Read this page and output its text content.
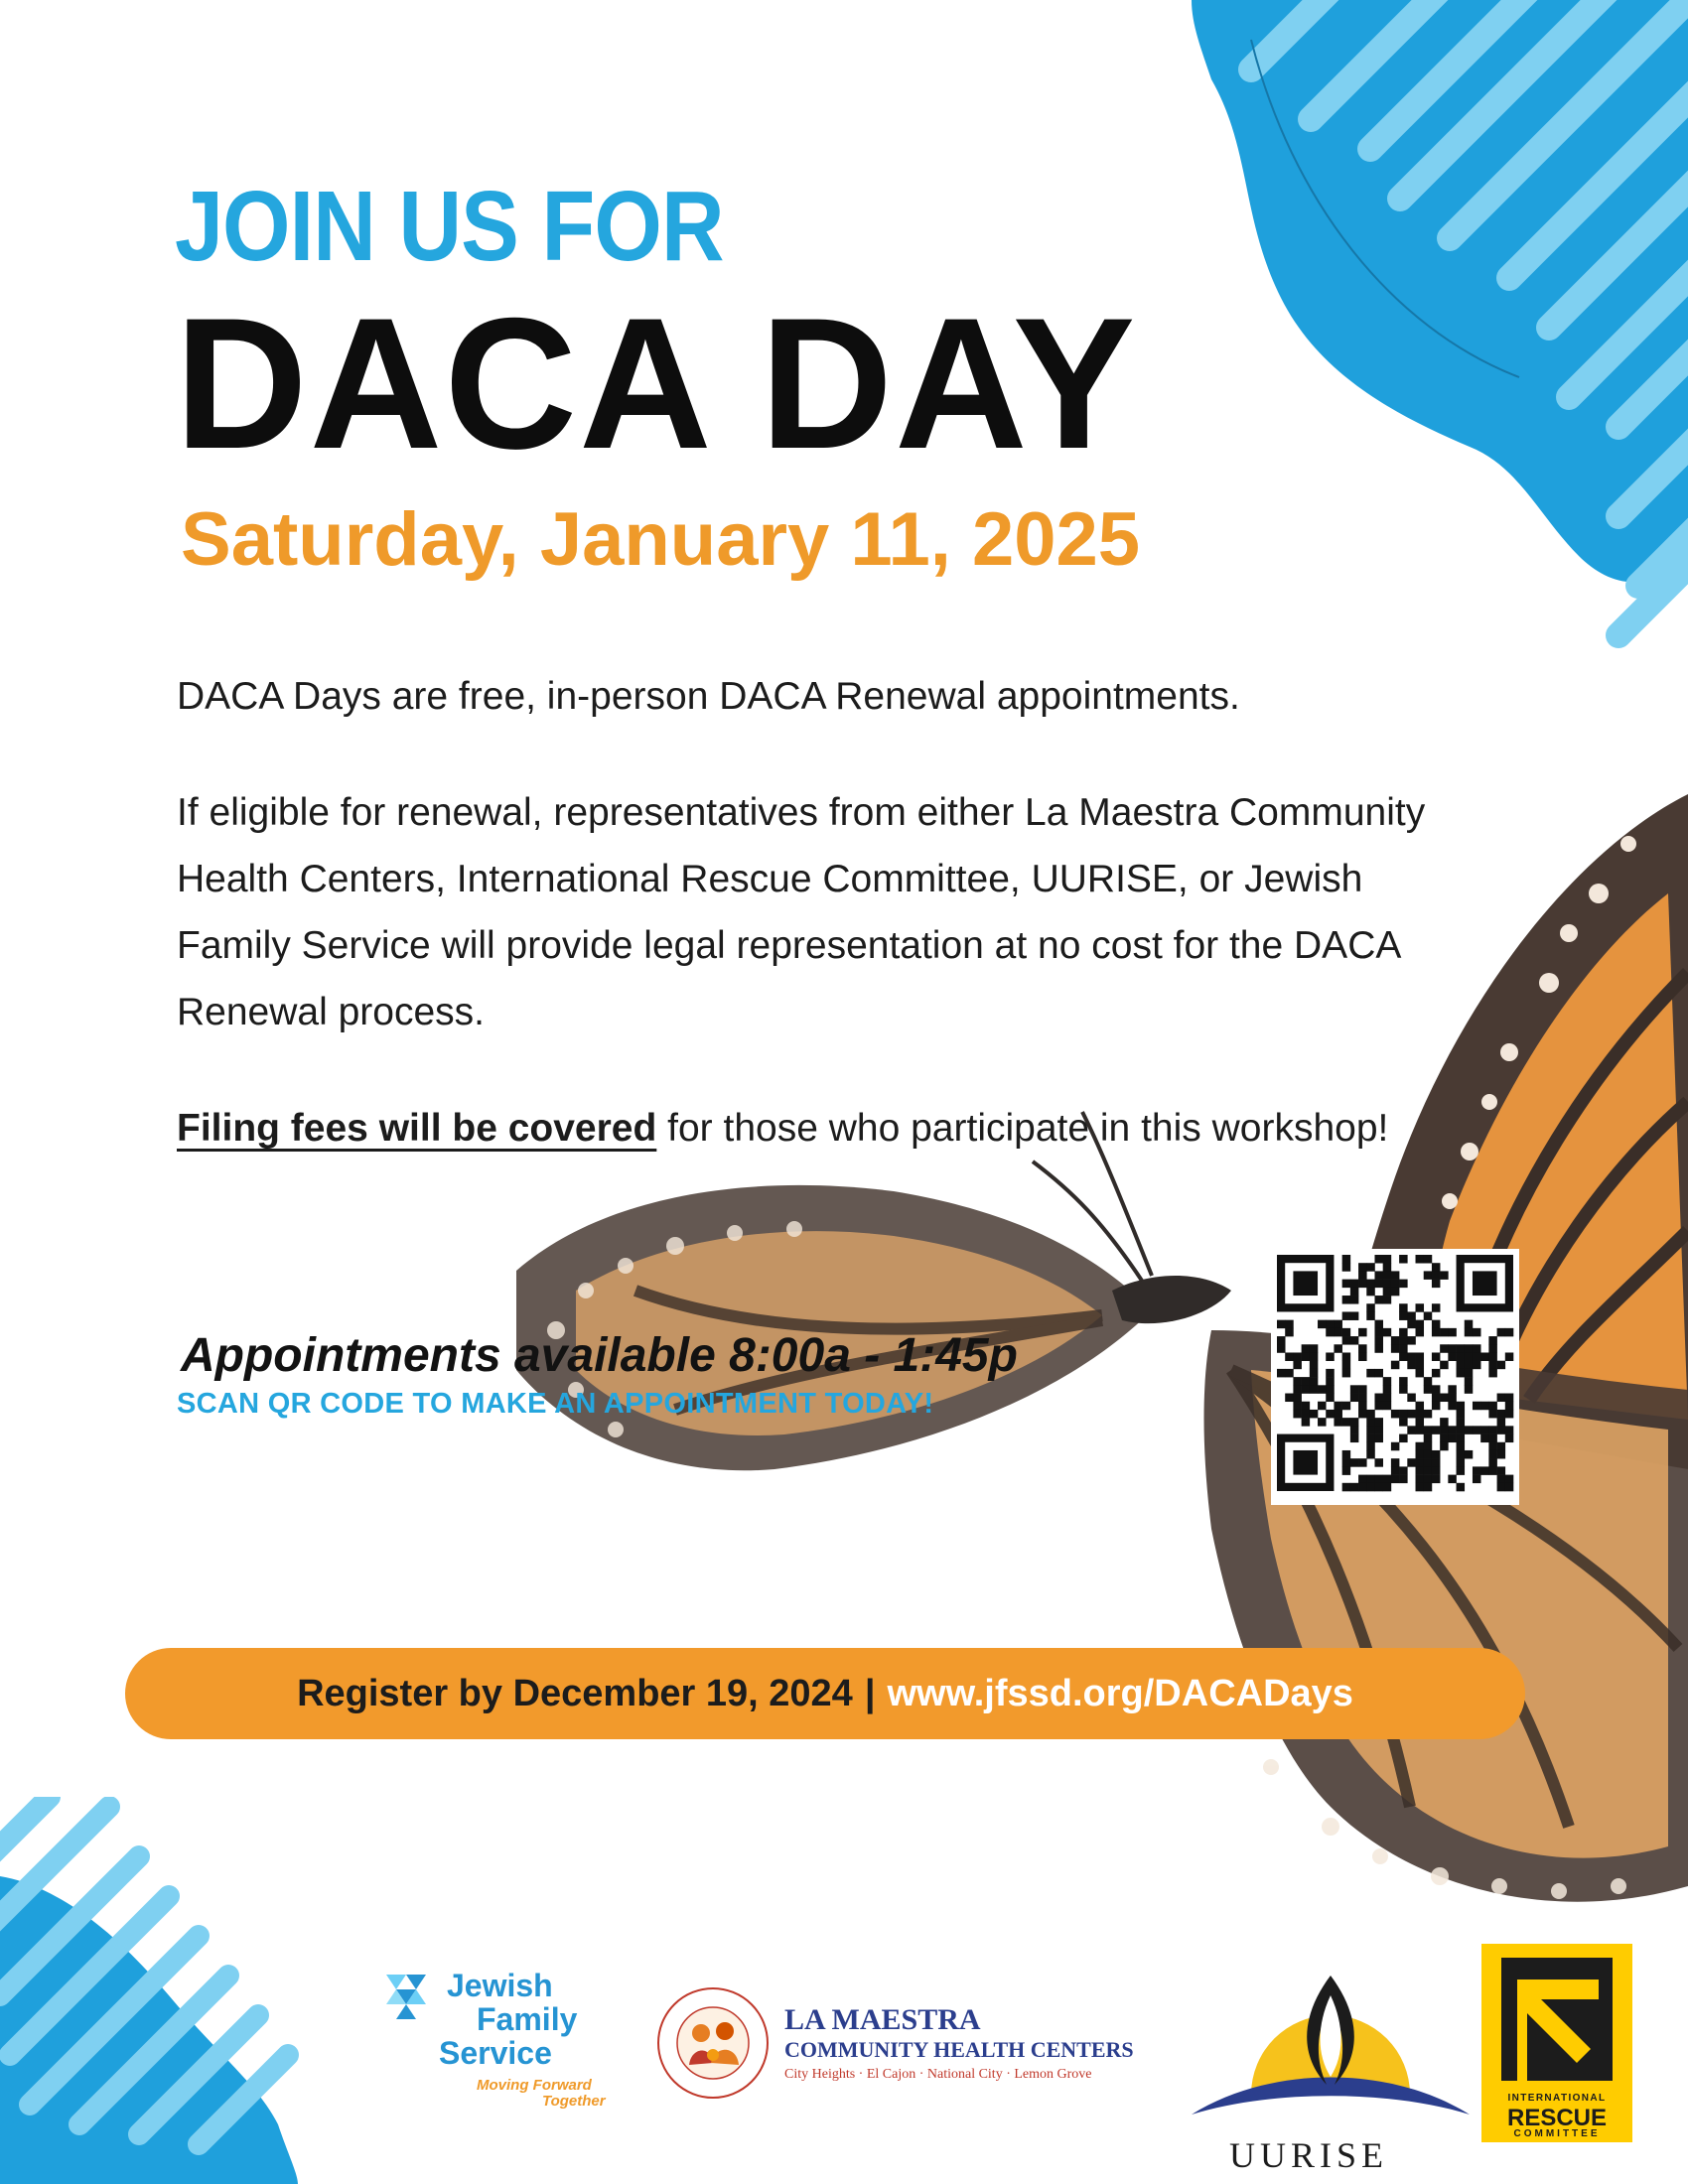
JOIN US FOR
DACA DAY
Saturday, January 11, 2025
DACA Days are free, in-person DACA Renewal appointments.
If eligible for renewal, representatives from either La Maestra Community Health Centers, International Rescue Committee, UURISE, or Jewish Family Service will provide legal representation at no cost for the DACA Renewal process.
Filing fees will be covered for those who participate in this workshop!
Appointments available 8:00a - 1:45p
SCAN QR CODE TO MAKE AN APPOINTMENT TODAY!
Register by December 19, 2024 | www.jfssd.org/DACADays
Jewish
Family
Service
Moving Forward
Together
LA MAESTRA
COMMUNITY HEALTH CENTERS
City Heights · El Cajon · National City · Lemon Grove
UURISE
INTERNATIONAL
RESCUE
COMMITTEE
